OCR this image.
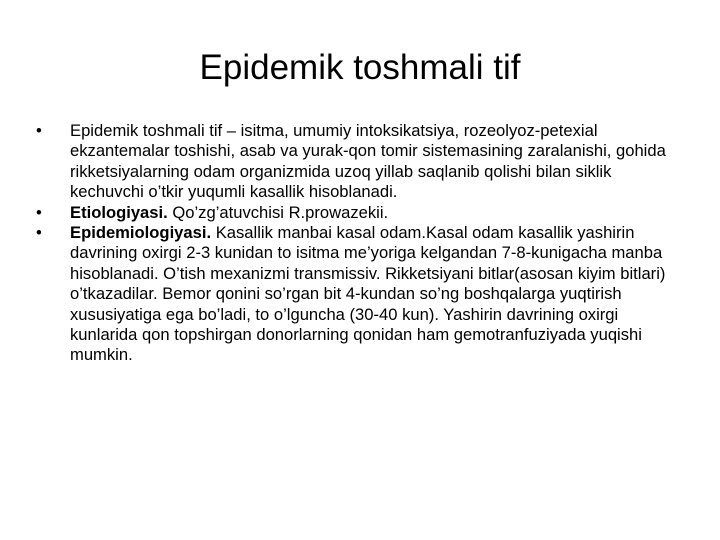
Epidemik toshmali tif
•	Epidemik toshmali tif – isitma, umumiy intoksikatsiya, rozeolyoz-petexial ekzantemalar toshishi, asab va yurak-qon tomir sistemasining zaralanishi, gohida rikketsiyalarning odam organizmida uzoq yillab saqlanib qolishi bilan siklik kechuvchi o’tkir yuqumli kasallik hisoblanadi.
•	Etiologiyasi. Qo’zg’atuvchisi R.prowazekii.
•	Epidemiologiyasi. Kasallik manbai kasal odam.Kasal odam kasallik yashirin davrining oxirgi 2-3 kunidan to isitma me’yoriga kelgandan 7-8-kunigacha manba hisoblanadi. O’tish mexanizmi transmissiv. Rikketsiyani bitlar(asosan kiyim bitlari) o’tkazadilar. Bemor qonini so’rgan bit 4-kundan so’ng boshqalarga yuqtirish xususiyatiga ega bo’ladi, to o’lguncha (30-40 kun). Yashirin davrining oxirgi kunlarida qon topshirgan donorlarning qonidan ham gemotranfuziyada yuqishi mumkin.
